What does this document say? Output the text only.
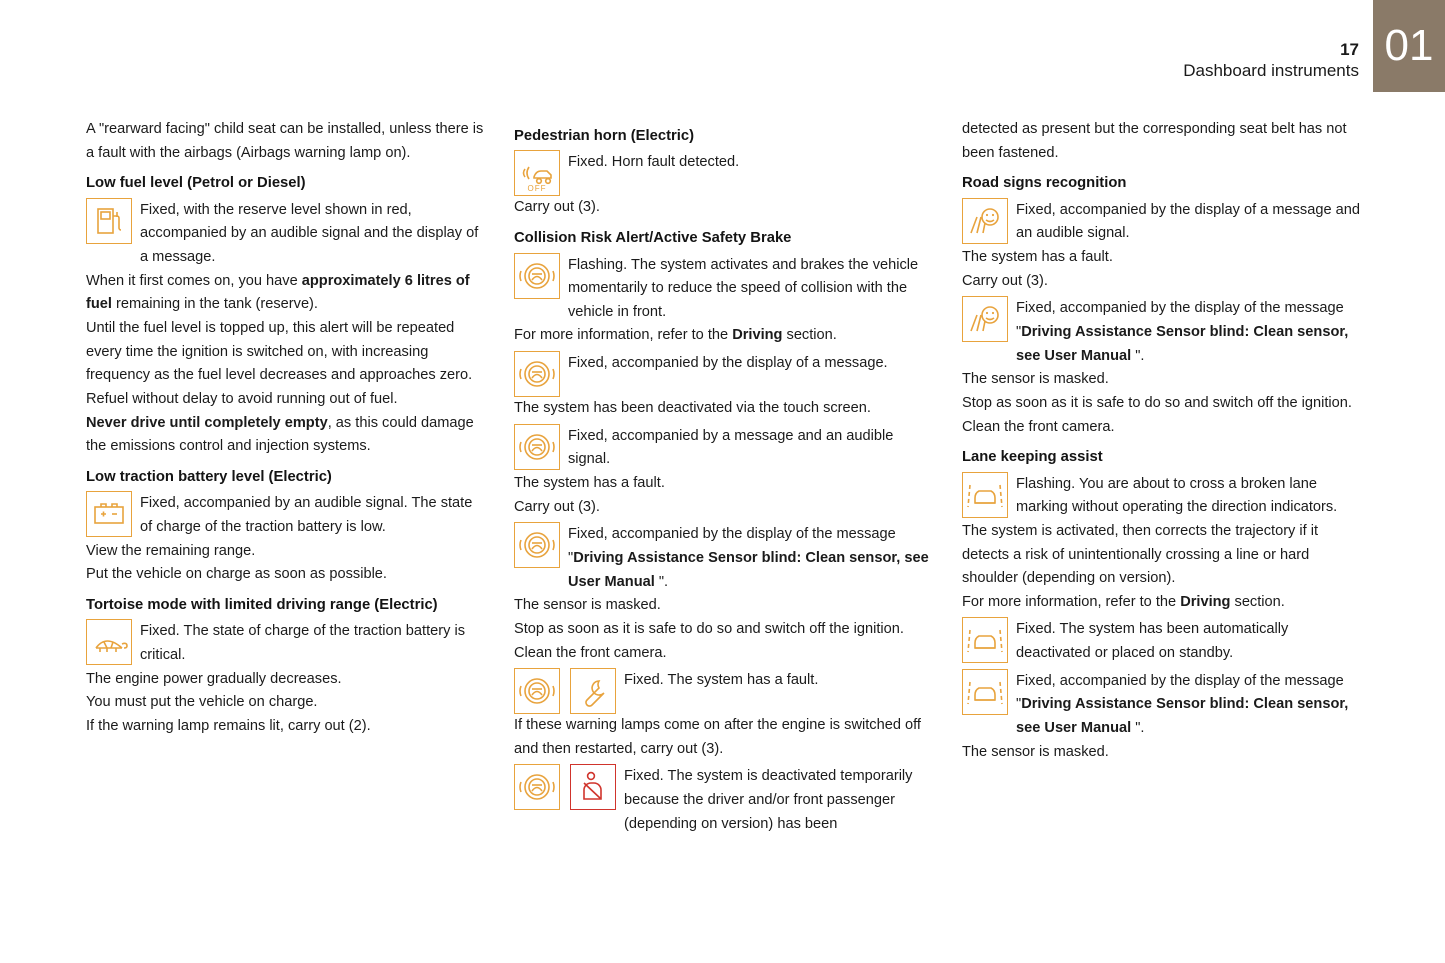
17
Dashboard instruments
01

A "rearward facing" child seat can be installed, unless there is a fault with the airbags (Airbags warning lamp on).

Low fuel level (Petrol or Diesel)
Fixed, with the reserve level shown in red, accompanied by an audible signal and the display of a message.

When it first comes on, you have approximately 6 litres of fuel remaining in the tank (reserve).

Until the fuel level is topped up, this alert will be repeated every time the ignition is switched on, with increasing frequency as the fuel level decreases and approaches zero.

Refuel without delay to avoid running out of fuel.

Never drive until completely empty, as this could damage the emissions control and injection systems.

Low traction battery level (Electric)
Fixed, accompanied by an audible signal. The state of charge of the traction battery is low.

View the remaining range.

Put the vehicle on charge as soon as possible.

Tortoise mode with limited driving range (Electric)
Fixed. The state of charge of the traction battery is critical.

The engine power gradually decreases.

You must put the vehicle on charge.

If the warning lamp remains lit, carry out (2).

Pedestrian horn (Electric)
OFF
Fixed. Horn fault detected.

Carry out (3).

Collision Risk Alert/Active Safety Brake
Flashing. The system activates and brakes the vehicle momentarily to reduce the speed of collision with the vehicle in front.

For more information, refer to the Driving section.

Fixed, accompanied by the display of a message.

The system has been deactivated via the touch screen.

Fixed, accompanied by a message and an audible signal.

The system has a fault.

Carry out (3).

Fixed, accompanied by the display of the message "Driving Assistance Sensor blind: Clean sensor, see User Manual ".

The sensor is masked.

Stop as soon as it is safe to do so and switch off the ignition.

Clean the front camera.

Fixed. The system has a fault.

If these warning lamps come on after the engine is switched off and then restarted, carry out (3).

Fixed. The system is deactivated temporarily because the driver and/or front passenger (depending on version) has been

detected as present but the corresponding seat belt has not been fastened.

Road signs recognition
Fixed, accompanied by the display of a message and an audible signal.

The system has a fault.

Carry out (3).

Fixed, accompanied by the display of the message "Driving Assistance Sensor blind: Clean sensor, see User Manual ".

The sensor is masked.

Stop as soon as it is safe to do so and switch off the ignition.

Clean the front camera.

Lane keeping assist
Flashing. You are about to cross a broken lane marking without operating the direction indicators.

The system is activated, then corrects the trajectory if it detects a risk of unintentionally crossing a line or hard shoulder (depending on version).

For more information, refer to the Driving section.

Fixed. The system has been automatically deactivated or placed on standby.
Fixed, accompanied by the display of the message "Driving Assistance Sensor blind: Clean sensor, see User Manual ".

The sensor is masked.
